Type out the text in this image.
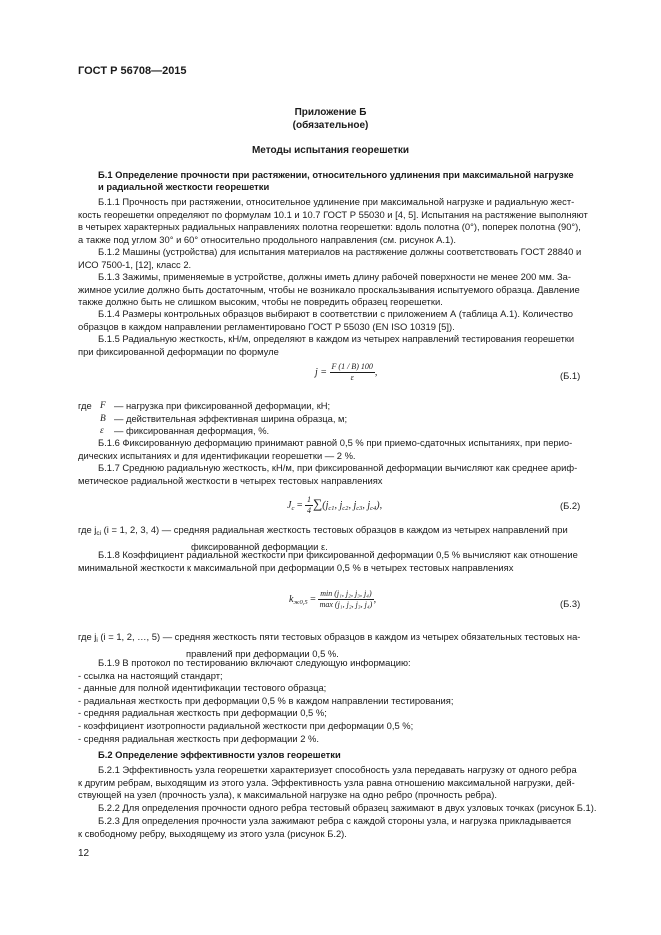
ГОСТ Р 56708—2015
Приложение Б
(обязательное)
Методы испытания георешетки
Б.1 Определение прочности при растяжении, относительного удлинения при максимальной нагрузке
и радиальной жесткости георешетки
Б.1.1 Прочность при растяжении, относительное удлинение при максимальной нагрузке и радиальную жест-
кость георешетки определяют по формулам 10.1 и 10.7 ГОСТ Р 55030 и [4, 5]. Испытания на растяжение выполняют
в четырех характерных радиальных направлениях полотна георешетки: вдоль полотна (0°), поперек полотна (90°),
а также под углом 30° и 60° относительно продольного направления (см. рисунок А.1).
Б.1.2 Машины (устройства) для испытания материалов на растяжение должны соответствовать ГОСТ 28840 и
ИСО 7500-1, [12], класс 2.
Б.1.3 Зажимы, применяемые в устройстве, должны иметь длину рабочей поверхности не менее 200 мм. За-
жимное усилие должно быть достаточным, чтобы не возникало проскальзывания испытуемого образца. Давление
также должно быть не слишком высоким, чтобы не повредить образец георешетки.
Б.1.4 Размеры контрольных образцов выбирают в соответствии с приложением А (таблица А.1). Количество
образцов в каждом направлении регламентировано ГОСТ Р 55030 (EN ISO 10319 [5]).
Б.1.5 Радиальную жесткость, кН/м, определяют в каждом из четырех направлений тестирования георешетки
при фиксированной деформации по формуле
$j = \frac{F (1 / B) 100}{\varepsilon}$ ,	(Б.1)
где F — нагрузка при фиксированной деформации, кН;
B — действительная эффективная ширина образца, м;
ε	— фиксированная деформация, %.
Б.1.6 Фиксированную деформацию принимают равной 0,5 % при приемо-сдаточных испытаниях, при перио-
дических испытаниях и для идентификации георешетки — 2 %.
Б.1.7 Среднюю радиальную жесткость, кН/м, при фиксированной деформации вычисляют как среднее ариф-
метическое радиальной жесткости в четырех тестовых направлениях
$J_c = \frac{1}{4} \sum(j_{c1}$, $j_{c2}$, $j_{c3}$, $j_{c4}$),	(Б.2)
где $j_{ci}$ (i = 1, 2, 3, 4) — средняя радиальная жесткость тестовых образцов в каждом из четырех направлений при
фиксированной деформации ε.
Б.1.8 Коэффициент радиальной жесткости при фиксированной деформации 0,5 % вычисляют как отношение
минимальной жесткости к максимальной при деформации 0,5 % в четырех тестовых направлениях
$k_{ж0,5} = \frac{\text{min (j₁, j₂, j₃, j₄)}}{\text{max (j₁, j₂, j₃, j₄)}}$ ,	(Б.3)
где $j_i$ (i = 1, 2, …, 5) — средняя жесткость пяти тестовых образцов в каждом из четырех обязательных тестовых на-
правлений при деформации 0,5 %.
Б.1.9 В протокол по тестированию включают следующую информацию:
- ссылка на настоящий стандарт;
- данные для полной идентификации тестового образца;
- радиальная жесткость при деформации 0,5 % в каждом направлении тестирования;
- средняя радиальная жесткость при деформации 0,5 %;
- коэффициент изотропности радиальной жесткости при деформации 0,5 %;
- средняя радиальная жесткость при деформации 2 %.
Б.2 Определение эффективности узлов георешетки
Б.2.1 Эффективность узла георешетки характеризует способность узла передавать нагрузку от одного ребра
к другим ребрам, выходящим из этого узла. Эффективность узла равна отношению максимальной нагрузки, дей-
ствующей на узел (прочность узла), к максимальной нагрузке на одно ребро (прочность ребра).
Б.2.2 Для определения прочности одного ребра тестовый образец зажимают в двух узловых точках (рисунок Б.1).
Б.2.3 Для определения прочности узла зажимают ребра с каждой стороны узла, и нагрузка прикладывается
к свободному ребру, выходящему из этого узла (рисунок Б.2).
12
